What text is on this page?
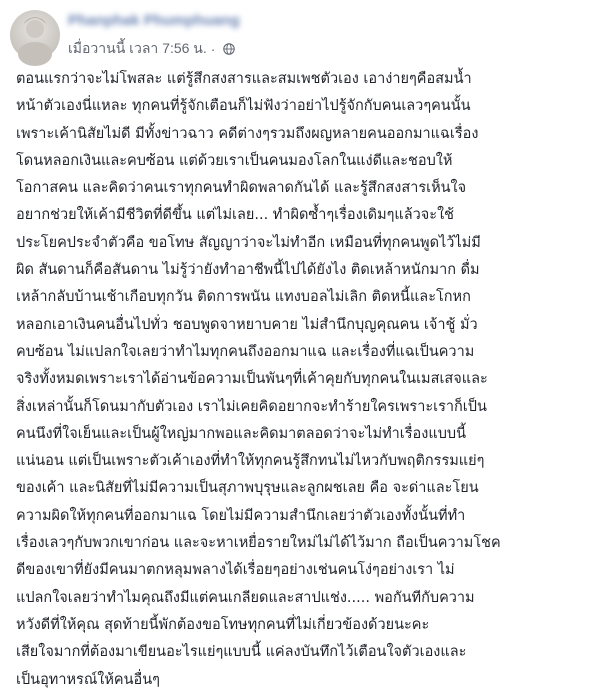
Phanphak Phumphuang
เมื่อวานนี้ เวลา 7:56 น. ·
ตอนแรกว่าจะไม่โพสละ แต่รู้สึกสงสารและสมเพชตัวเอง เอาง่ายๆคือสมน้ำ
หน้าตัวเองนี่แหละ ทุกคนที่รู้จักเตือนก็ไม่ฟังว่าอย่าไปรู้จักกับคนเลวๆคนนั้น
เพราะเค้านิสัยไม่ดี มีทั้งข่าวฉาว คดีต่างๆรวมถึงผญหลายคนออกมาแฉเรื่อง
โดนหลอกเงินและคบซ้อน แต่ด้วยเราเป็นคนมองโลกในแง่ดีและชอบให้
โอกาสคน และคิดว่าคนเราทุกคนทำผิดพลาดกันได้ และรู้สึกสงสารเห็นใจ
อยากช่วยให้เค้ามีชีวิตที่ดีขึ้น แต่ไม่เลย... ทำผิดซ้ำๆเรื่องเดิมๆแล้วจะใช้
ประโยคประจำตัวคือ ขอโทษ สัญญาว่าจะไม่ทำอีก เหมือนที่ทุกคนพูดไว้ไม่มี
ผิด สันดานก็คือสันดาน ไม่รู้ว่ายังทำอาชีพนี้ไปได้ยังไง ติดเหล้าหนักมาก ดื่ม
เหล้ากลับบ้านเช้าเกือบทุกวัน ติดการพนัน แทงบอลไม่เลิก ติดหนี้และโกหก
หลอกเอาเงินคนอื่นไปทั่ว ชอบพูดจาหยาบคาย ไม่สำนึกบุญคุณคน เจ้าชู้ มั่ว
คบซ้อน ไม่แปลกใจเลยว่าทำไมทุกคนถึงออกมาแฉ และเรื่องที่แฉเป็นความ
จริงทั้งหมดเพราะเราได้อ่านข้อความเป็นพันๆที่เค้าคุยกับทุกคนในเมสเสจและ
สิ่งเหล่านั้นก็โดนมากับตัวเอง เราไม่เคยคิดอยากจะทำร้ายใครเพราะเราก็เป็น
คนนึงที่ใจเย็นและเป็นผู้ใหญ่มากพอและคิดมาตลอดว่าจะไม่ทำเรื่องแบบนี้
แน่นอน แต่เป็นเพราะตัวเค้าเองที่ทำให้ทุกคนรู้สึกทนไม่ไหวกับพฤติกรรมแย่ๆ
ของเค้า และนิสัยที่ไม่มีความเป็นสุภาพบุรุษและลูกผชเลย คือ จะด่าและโยน
ความผิดให้ทุกคนที่ออกมาแฉ โดยไม่มีความสำนึกเลยว่าตัวเองทั้งนั้นที่ทำ
เรื่องเลวๆกับพวกเขาก่อน และจะหาเหยื่อรายใหม่ไม่ได้ไว้มาก ถือเป็นความโชค
ดีของเขาที่ยังมีคนมาตกหลุมพลางได้เรื่อยๆอย่างเช่นคนโง่ๆอย่างเรา ไม่
แปลกใจเลยว่าทำไมคุณถึงมีแต่คนเกลียดและสาปแช่ง..... พอกันทีกับความ
หวังดีที่ให้คุณ สุดท้ายนี้พักต้องขอโทษทุกคนที่ไม่เกี่ยวข้องด้วยนะคะ
เสียใจมากที่ต้องมาเขียนอะไรแย่ๆแบบนี้ แค่ลงบันทึกไว้เตือนใจตัวเองและ
เป็นอุทาหรณ์ให้คนอื่นๆ
